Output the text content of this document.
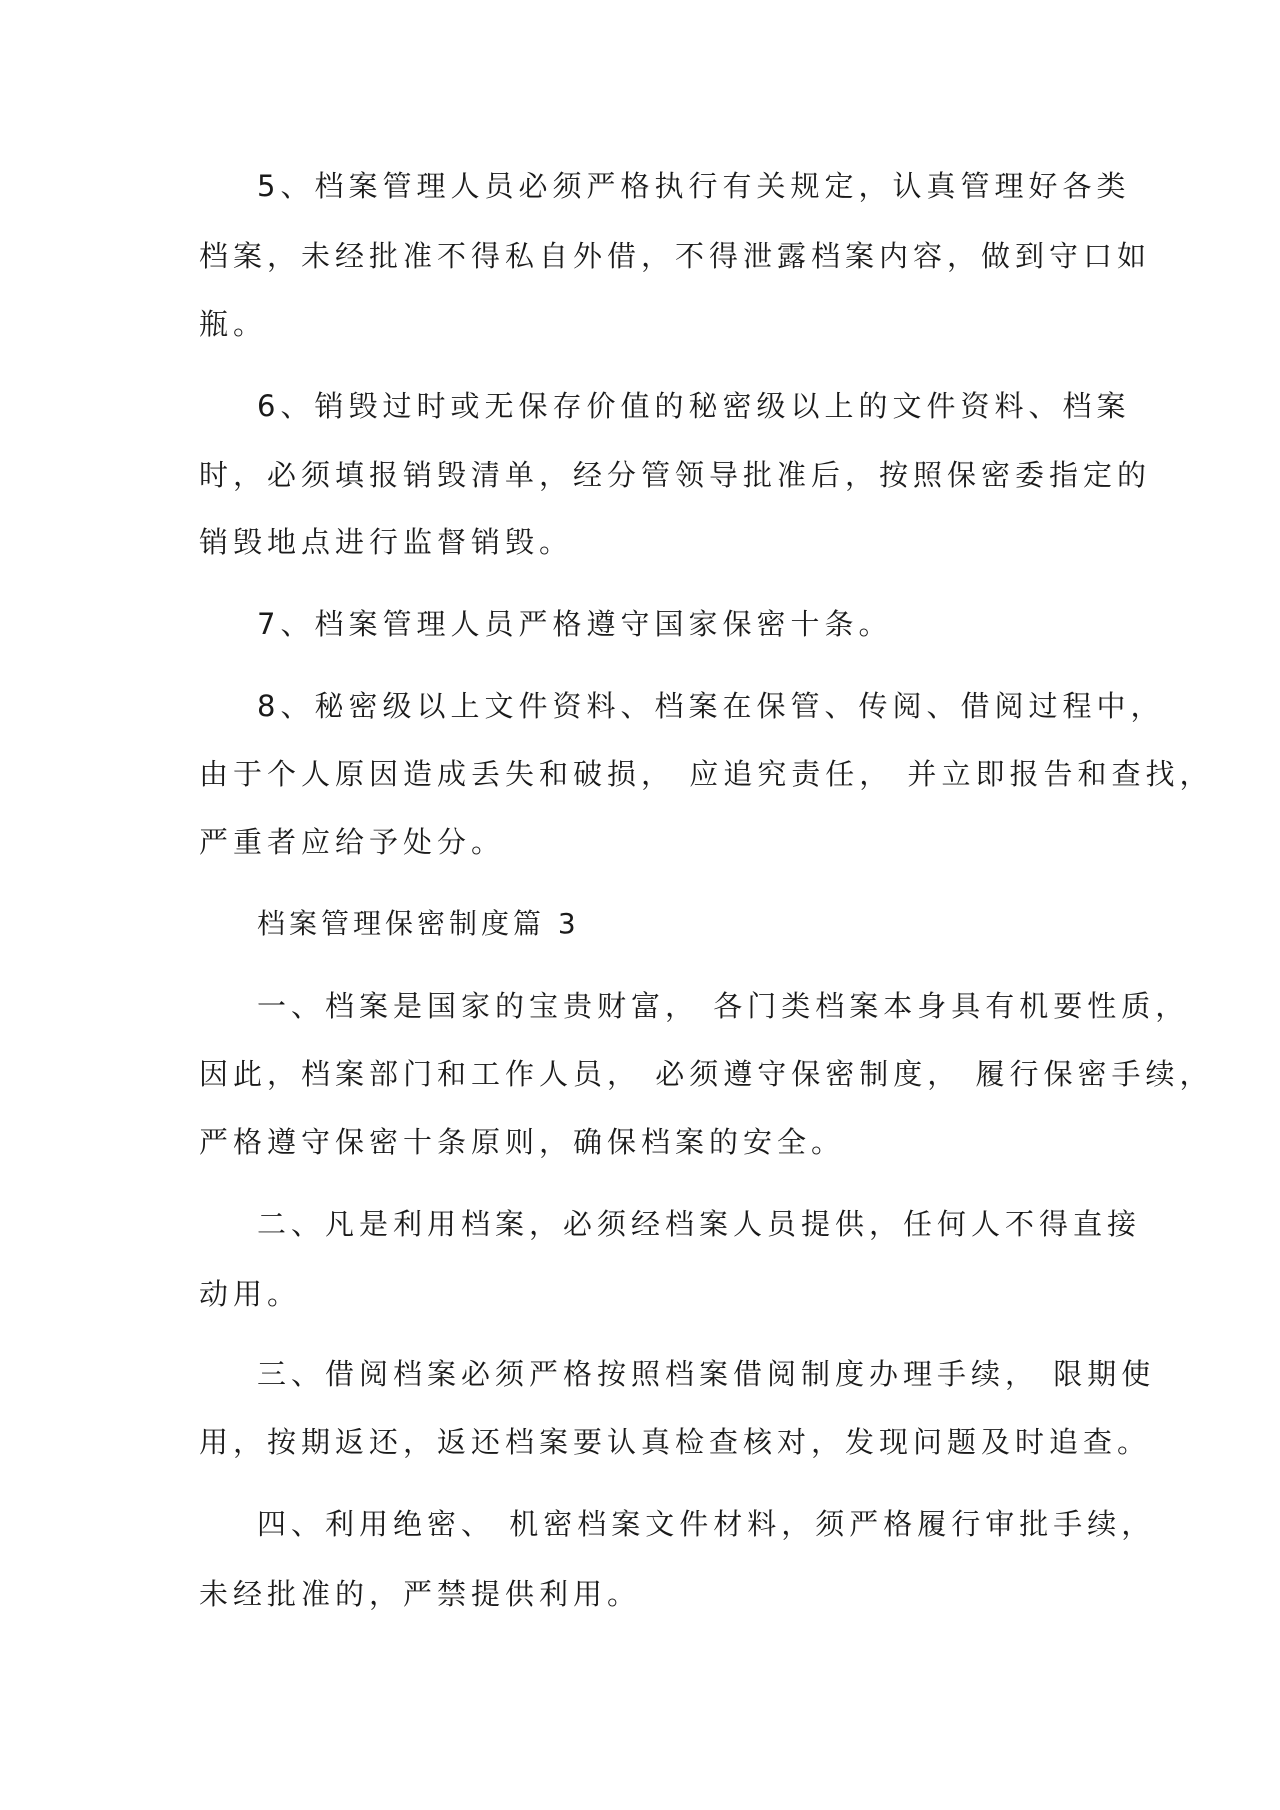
5、档案管理人员必须严格执行有关规定，认真管理好各类
档案，未经批准不得私自外借，不得泄露档案内容，做到守口如
瓶。
6、销毁过时或无保存价值的秘密级以上的文件资料、档案
时，必须填报销毁清单，经分管领导批准后，按照保密委指定的
销毁地点进行监督销毁。
7、档案管理人员严格遵守国家保密十条。
8、秘密级以上文件资料、档案在保管、传阅、借阅过程中，
由于个人原因造成丢失和破损， 应追究责任， 并立即报告和查找，
严重者应给予处分。
档案管理保密制度篇 3
一、档案是国家的宝贵财富， 各门类档案本身具有机要性质，
因此，档案部门和工作人员， 必须遵守保密制度， 履行保密手续，
严格遵守保密十条原则，确保档案的安全。
二、凡是利用档案，必须经档案人员提供，任何人不得直接
动用。
三、借阅档案必须严格按照档案借阅制度办理手续， 限期使
用，按期返还，返还档案要认真检查核对，发现问题及时追查。
四、利用绝密、 机密档案文件材料，须严格履行审批手续，
未经批准的，严禁提供利用。
